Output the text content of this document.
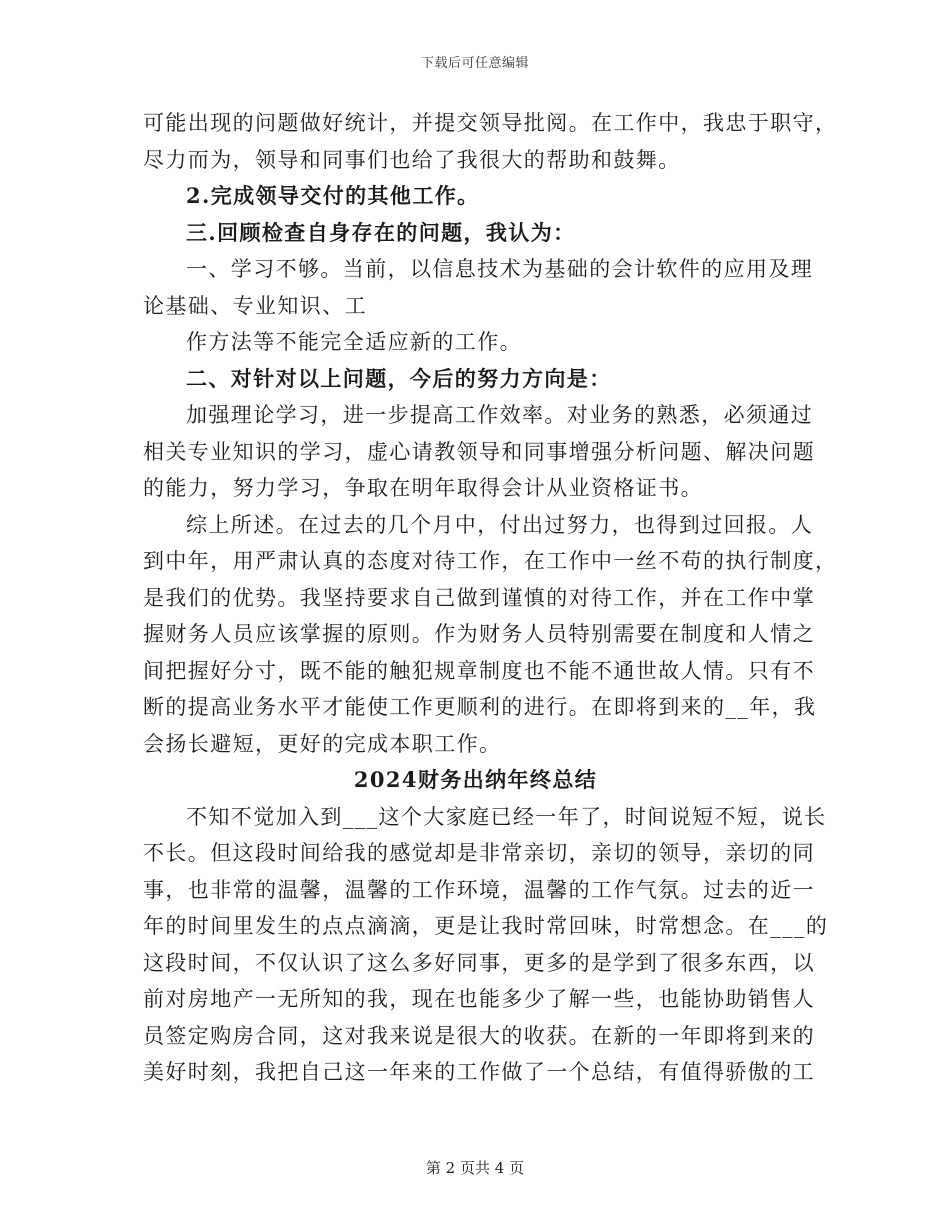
下载后可任意编辑
可能出现的问题做好统计，并提交领导批阅。在工作中，我忠于职守，
尽力而为，领导和同事们也给了我很大的帮助和鼓舞。
2.完成领导交付的其他工作。
三.回顾检查自身存在的问题，我认为：
一、学习不够。当前，以信息技术为基础的会计软件的应用及理
论基础、专业知识、工
作方法等不能完全适应新的工作。
二、对针对以上问题，今后的努力方向是：
加强理论学习，进一步提高工作效率。对业务的熟悉，必须通过
相关专业知识的学习，虚心请教领导和同事增强分析问题、解决问题
的能力，努力学习，争取在明年取得会计从业资格证书。
综上所述。在过去的几个月中，付出过努力，也得到过回报。人
到中年，用严肃认真的态度对待工作，在工作中一丝不苟的执行制度，
是我们的优势。我坚持要求自己做到谨慎的对待工作，并在工作中掌
握财务人员应该掌握的原则。作为财务人员特别需要在制度和人情之
间把握好分寸，既不能的触犯规章制度也不能不通世故人情。只有不
断的提高业务水平才能使工作更顺利的进行。在即将到来的__年，我
会扬长避短，更好的完成本职工作。
2024财务出纳年终总结
不知不觉加入到___这个大家庭已经一年了，时间说短不短，说长
不长。但这段时间给我的感觉却是非常亲切，亲切的领导，亲切的同
事，也非常的温馨，温馨的工作环境，温馨的工作气氛。过去的近一
年的时间里发生的点点滴滴，更是让我时常回味，时常想念。在___的
这段时间，不仅认识了这么多好同事，更多的是学到了很多东西，以
前对房地产一无所知的我，现在也能多少了解一些，也能协助销售人
员签定购房合同，这对我来说是很大的收获。在新的一年即将到来的
美好时刻，我把自己这一年来的工作做了一个总结，有值得骄傲的工
第 2 页共 4 页
